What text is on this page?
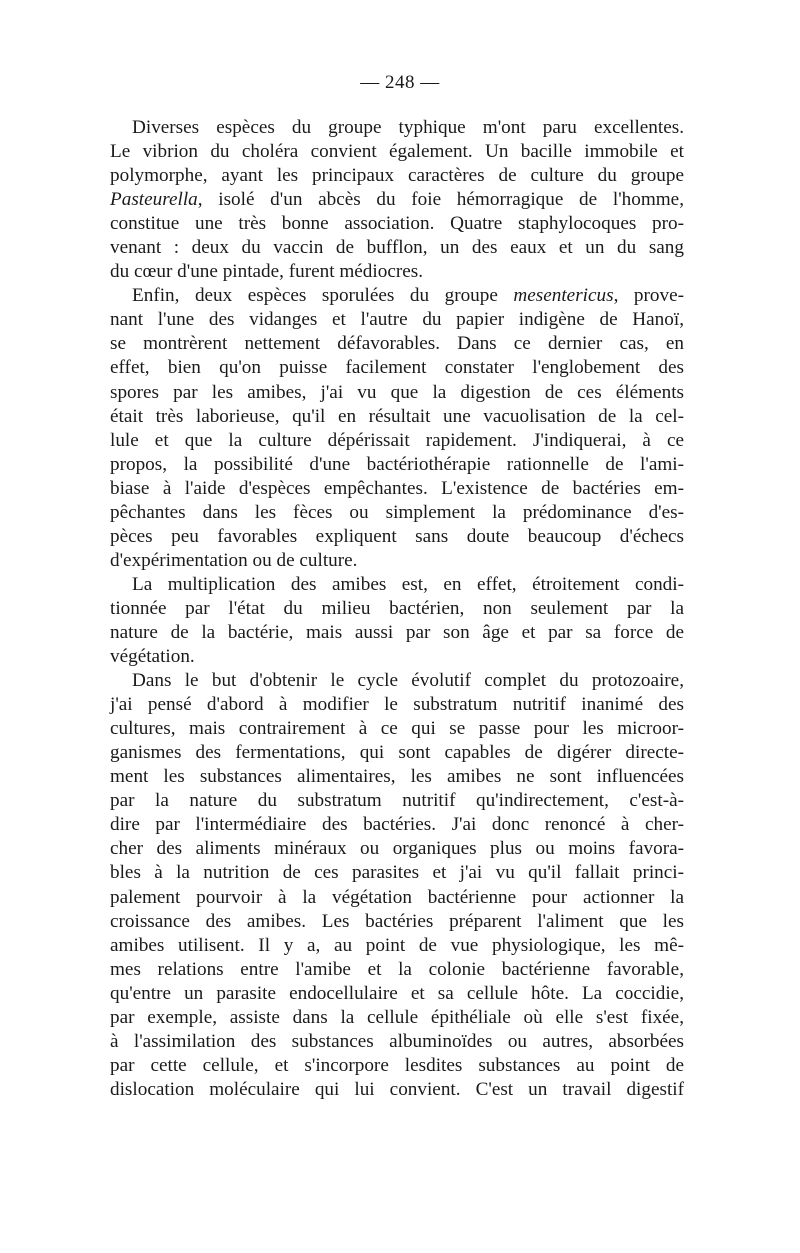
— 248 —
Diverses espèces du groupe typhique m'ont paru excellentes.
Le vibrion du choléra convient également. Un bacille immobile et
polymorphe, ayant les principaux caractères de culture du groupe
Pasteurella, isolé d'un abcès du foie hémorragique de l'homme,
constitue une très bonne association. Quatre staphylocoques pro-
venant : deux du vaccin de bufflon, un des eaux et un du sang
du cœur d'une pintade, furent médiocres.
Enfin, deux espèces sporulées du groupe mesentericus, prove-
nant l'une des vidanges et l'autre du papier indigène de Hanoï,
se montrèrent nettement défavorables. Dans ce dernier cas, en
effet, bien qu'on puisse facilement constater l'englobement des
spores par les amibes, j'ai vu que la digestion de ces éléments
était très laborieuse, qu'il en résultait une vacuolisation de la cel-
lule et que la culture dépérissait rapidement. J'indiquerai, à ce
propos, la possibilité d'une bactériothérapie rationnelle de l'ami-
biase à l'aide d'espèces empêchantes. L'existence de bactéries em-
pêchantes dans les fèces ou simplement la prédominance d'es-
pèces peu favorables expliquent sans doute beaucoup d'échecs
d'expérimentation ou de culture.
La multiplication des amibes est, en effet, étroitement condi-
tionnée par l'état du milieu bactérien, non seulement par la
nature de la bactérie, mais aussi par son âge et par sa force de
végétation.
Dans le but d'obtenir le cycle évolutif complet du protozoaire,
j'ai pensé d'abord à modifier le substratum nutritif inanimé des
cultures, mais contrairement à ce qui se passe pour les microor-
ganismes des fermentations, qui sont capables de digérer directe-
ment les substances alimentaires, les amibes ne sont influencées
par la nature du substratum nutritif qu'indirectement, c'est-à-
dire par l'intermédiaire des bactéries. J'ai donc renoncé à cher-
cher des aliments minéraux ou organiques plus ou moins favora-
bles à la nutrition de ces parasites et j'ai vu qu'il fallait princi-
palement pourvoir à la végétation bactérienne pour actionner la
croissance des amibes. Les bactéries préparent l'aliment que les
amibes utilisent. Il y a, au point de vue physiologique, les mê-
mes relations entre l'amibe et la colonie bactérienne favorable,
qu'entre un parasite endocellulaire et sa cellule hôte. La coccidie,
par exemple, assiste dans la cellule épithéliale où elle s'est fixée,
à l'assimilation des substances albuminoïdes ou autres, absorbées
par cette cellule, et s'incorpore lesdites substances au point de
dislocation moléculaire qui lui convient. C'est un travail digestif
